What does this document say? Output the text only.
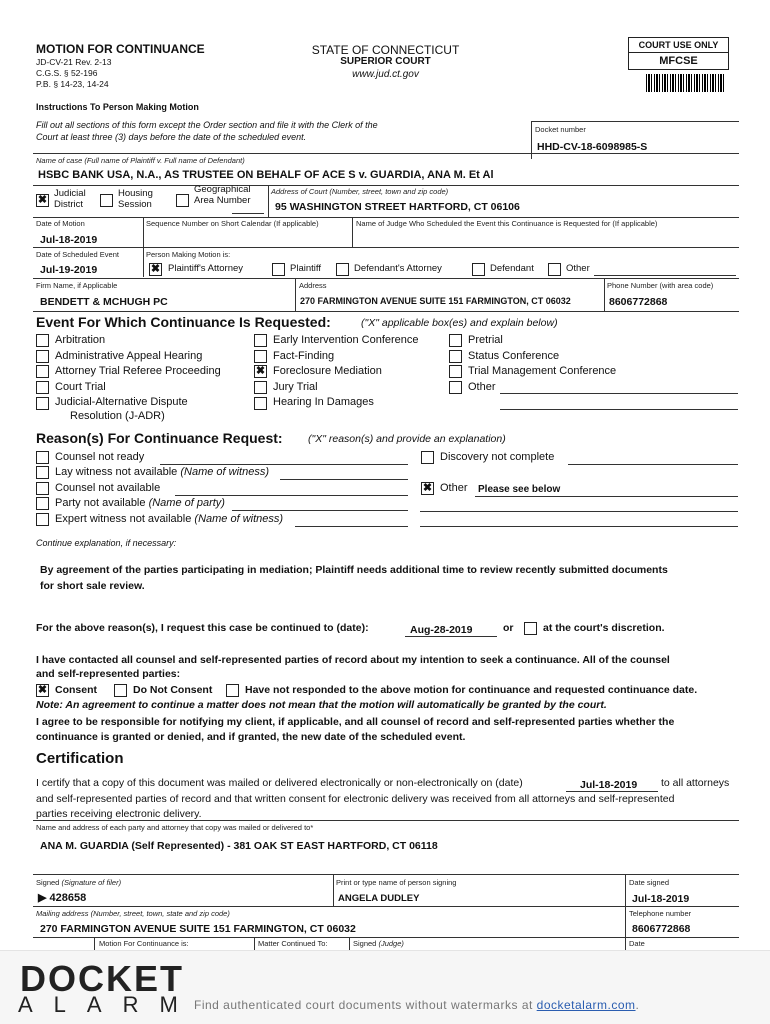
MOTION FOR CONTINUANCE
JD-CV-21 Rev. 2-13
C.G.S. § 52-196
P.B. § 14-23, 14-24
STATE OF CONNECTICUT
SUPERIOR COURT
www.jud.ct.gov
COURT USE ONLY
MFCSE
Instructions To Person Making Motion
Fill out all sections of this form except the Order section and file it with the Clerk of the
Court at least three (3) days before the date of the scheduled event.
Docket number
HHD-CV-18-6098985-S
Name of case (Full name of Plaintiff v. Full name of Defendant)
HSBC BANK USA, N.A., AS TRUSTEE ON BEHALF OF ACE S v. GUARDIA, ANA M. Et Al
✖
Judicial District
Housing Session
Geographical Area Number
Address of Court (Number, street, town and zip code)
95 WASHINGTON STREET HARTFORD, CT 06106
Date of Motion
Jul-18-2019
Sequence Number on Short Calendar (If applicable)	Name of Judge Who Scheduled the Event this Continuance is Requested for (If applicable)
Date of Scheduled Event
Jul-19-2019
Person Making Motion is:
✖ Plaintiff's Attorney	Plaintiff	Defendant's Attorney	Defendant	Other
Firm Name, if Applicable
BENDETT & MCHUGH PC
Address
270 FARMINGTON AVENUE SUITE 151 FARMINGTON, CT 06032
Phone Number (with area code)
8606772868
Event For Which Continuance Is Requested:	("X" applicable box(es) and explain below)
Arbitration
Administrative Appeal Hearing
Attorney Trial Referee Proceeding
Court Trial
Judicial-Alternative Dispute
Resolution (J-ADR)
Early Intervention Conference
Fact-Finding
✖ Foreclosure Mediation
Jury Trial
Hearing In Damages
Pretrial
Status Conference
Trial Management Conference
Other
Reason(s) For Continuance Request: ("X" reason(s) and provide an explanation)
Counsel not ready
Lay witness not available (Name of witness)
Counsel not available
Party not available (Name of party)
Expert witness not available (Name of witness)
Discovery not complete
✖ Other Please see below
Continue explanation, if necessary:
By agreement of the parties participating in mediation; Plaintiff needs additional time to review recently submitted documents
for short sale review.
For the above reason(s), I request this case be continued to (date):	Aug-28-2019	or	at the court's discretion.
I have contacted all counsel and self-represented parties of record about my intention to seek a continuance. All of the counsel
and self-represented parties:
✖ Consent	Do Not Consent	Have not responded to the above motion for continuance and requested continuance date.
Note: An agreement to continue a matter does not mean that the motion will automatically be granted by the court.
I agree to be responsible for notifying my client, if applicable, and all counsel of record and self-represented parties whether the
continuance is granted or denied, and if granted, the new date of the scheduled event.
Certification
I certify that a copy of this document was mailed or delivered electronically or non-electronically on (date)	Jul-18-2019 to all attorneys
and self-represented parties of record and that written consent for electronic delivery was received from all attorneys and self-represented
parties receiving electronic delivery.
Name and address of each party and attorney that copy was mailed or delivered to*
ANA M. GUARDIA (Self Represented) - 381 OAK ST EAST HARTFORD, CT 06118
Signed (Signature of filer)
▶ 428658
Print or type name of person signing
ANGELA DUDLEY
Date signed
Jul-18-2019
Mailing address (Number, street, town, state and zip code)
270 FARMINGTON AVENUE SUITE 151 FARMINGTON, CT 06032
Telephone number
8606772868
Motion For Continuance is:	Matter Continued To:	Signed (Judge)	Date
DOCKET
ALARM
Find authenticated court documents without watermarks at docketalarm.com.
